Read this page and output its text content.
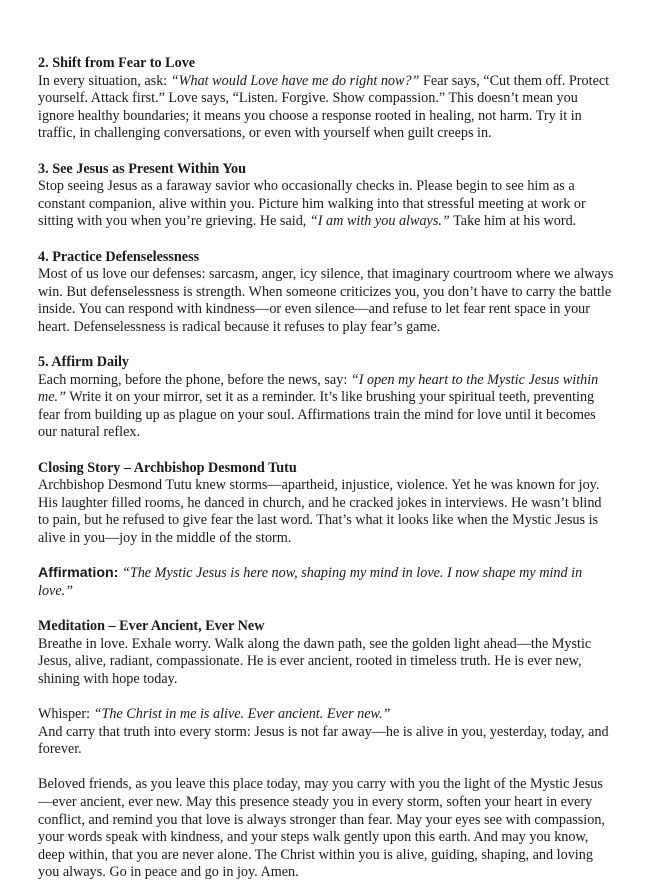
2. Shift from Fear to Love

In every situation, ask: “What would Love have me do right now?” Fear says, “Cut them off. Protect yourself. Attack first.” Love says, “Listen. Forgive. Show compassion.” This doesn’t mean you ignore healthy boundaries; it means you choose a response rooted in healing, not harm. Try it in traffic, in challenging conversations, or even with yourself when guilt creeps in.

3. See Jesus as Present Within You

Stop seeing Jesus as a faraway savior who occasionally checks in. Please begin to see him as a constant companion, alive within you. Picture him walking into that stressful meeting at work or sitting with you when you’re grieving. He said, “I am with you always.” Take him at his word.

4. Practice Defenselessness

Most of us love our defenses: sarcasm, anger, icy silence, that imaginary courtroom where we always win. But defenselessness is strength. When someone criticizes you, you don’t have to carry the battle inside. You can respond with kindness—or even silence—and refuse to let fear rent space in your heart. Defenselessness is radical because it refuses to play fear’s game.

5. Affirm Daily

Each morning, before the phone, before the news, say: “I open my heart to the Mystic Jesus within me.” Write it on your mirror, set it as a reminder. It’s like brushing your spiritual teeth, preventing fear from building up as plague on your soul. Affirmations train the mind for love until it becomes our natural reflex.

Closing Story – Archbishop Desmond Tutu

Archbishop Desmond Tutu knew storms—apartheid, injustice, violence. Yet he was known for joy. His laughter filled rooms, he danced in church, and he cracked jokes in interviews. He wasn’t blind to pain, but he refused to give fear the last word. That’s what it looks like when the Mystic Jesus is alive in you—joy in the middle of the storm.

Affirmation: “The Mystic Jesus is here now, shaping my mind in love. I now shape my mind in love.”

Meditation – Ever Ancient, Ever New

Breathe in love. Exhale worry. Walk along the dawn path, see the golden light ahead—the Mystic Jesus, alive, radiant, compassionate. He is ever ancient, rooted in timeless truth. He is ever new, shining with hope today.

Whisper: “The Christ in me is alive. Ever ancient. Ever new.”

And carry that truth into every storm: Jesus is not far away—he is alive in you, yesterday, today, and forever.

Beloved friends, as you leave this place today, may you carry with you the light of the Mystic Jesus—ever ancient, ever new. May this presence steady you in every storm, soften your heart in every conflict, and remind you that love is always stronger than fear. May your eyes see with compassion, your words speak with kindness, and your steps walk gently upon this earth. And may you know, deep within, that you are never alone. The Christ within you is alive, guiding, shaping, and loving you always. Go in peace and go in joy. Amen.
